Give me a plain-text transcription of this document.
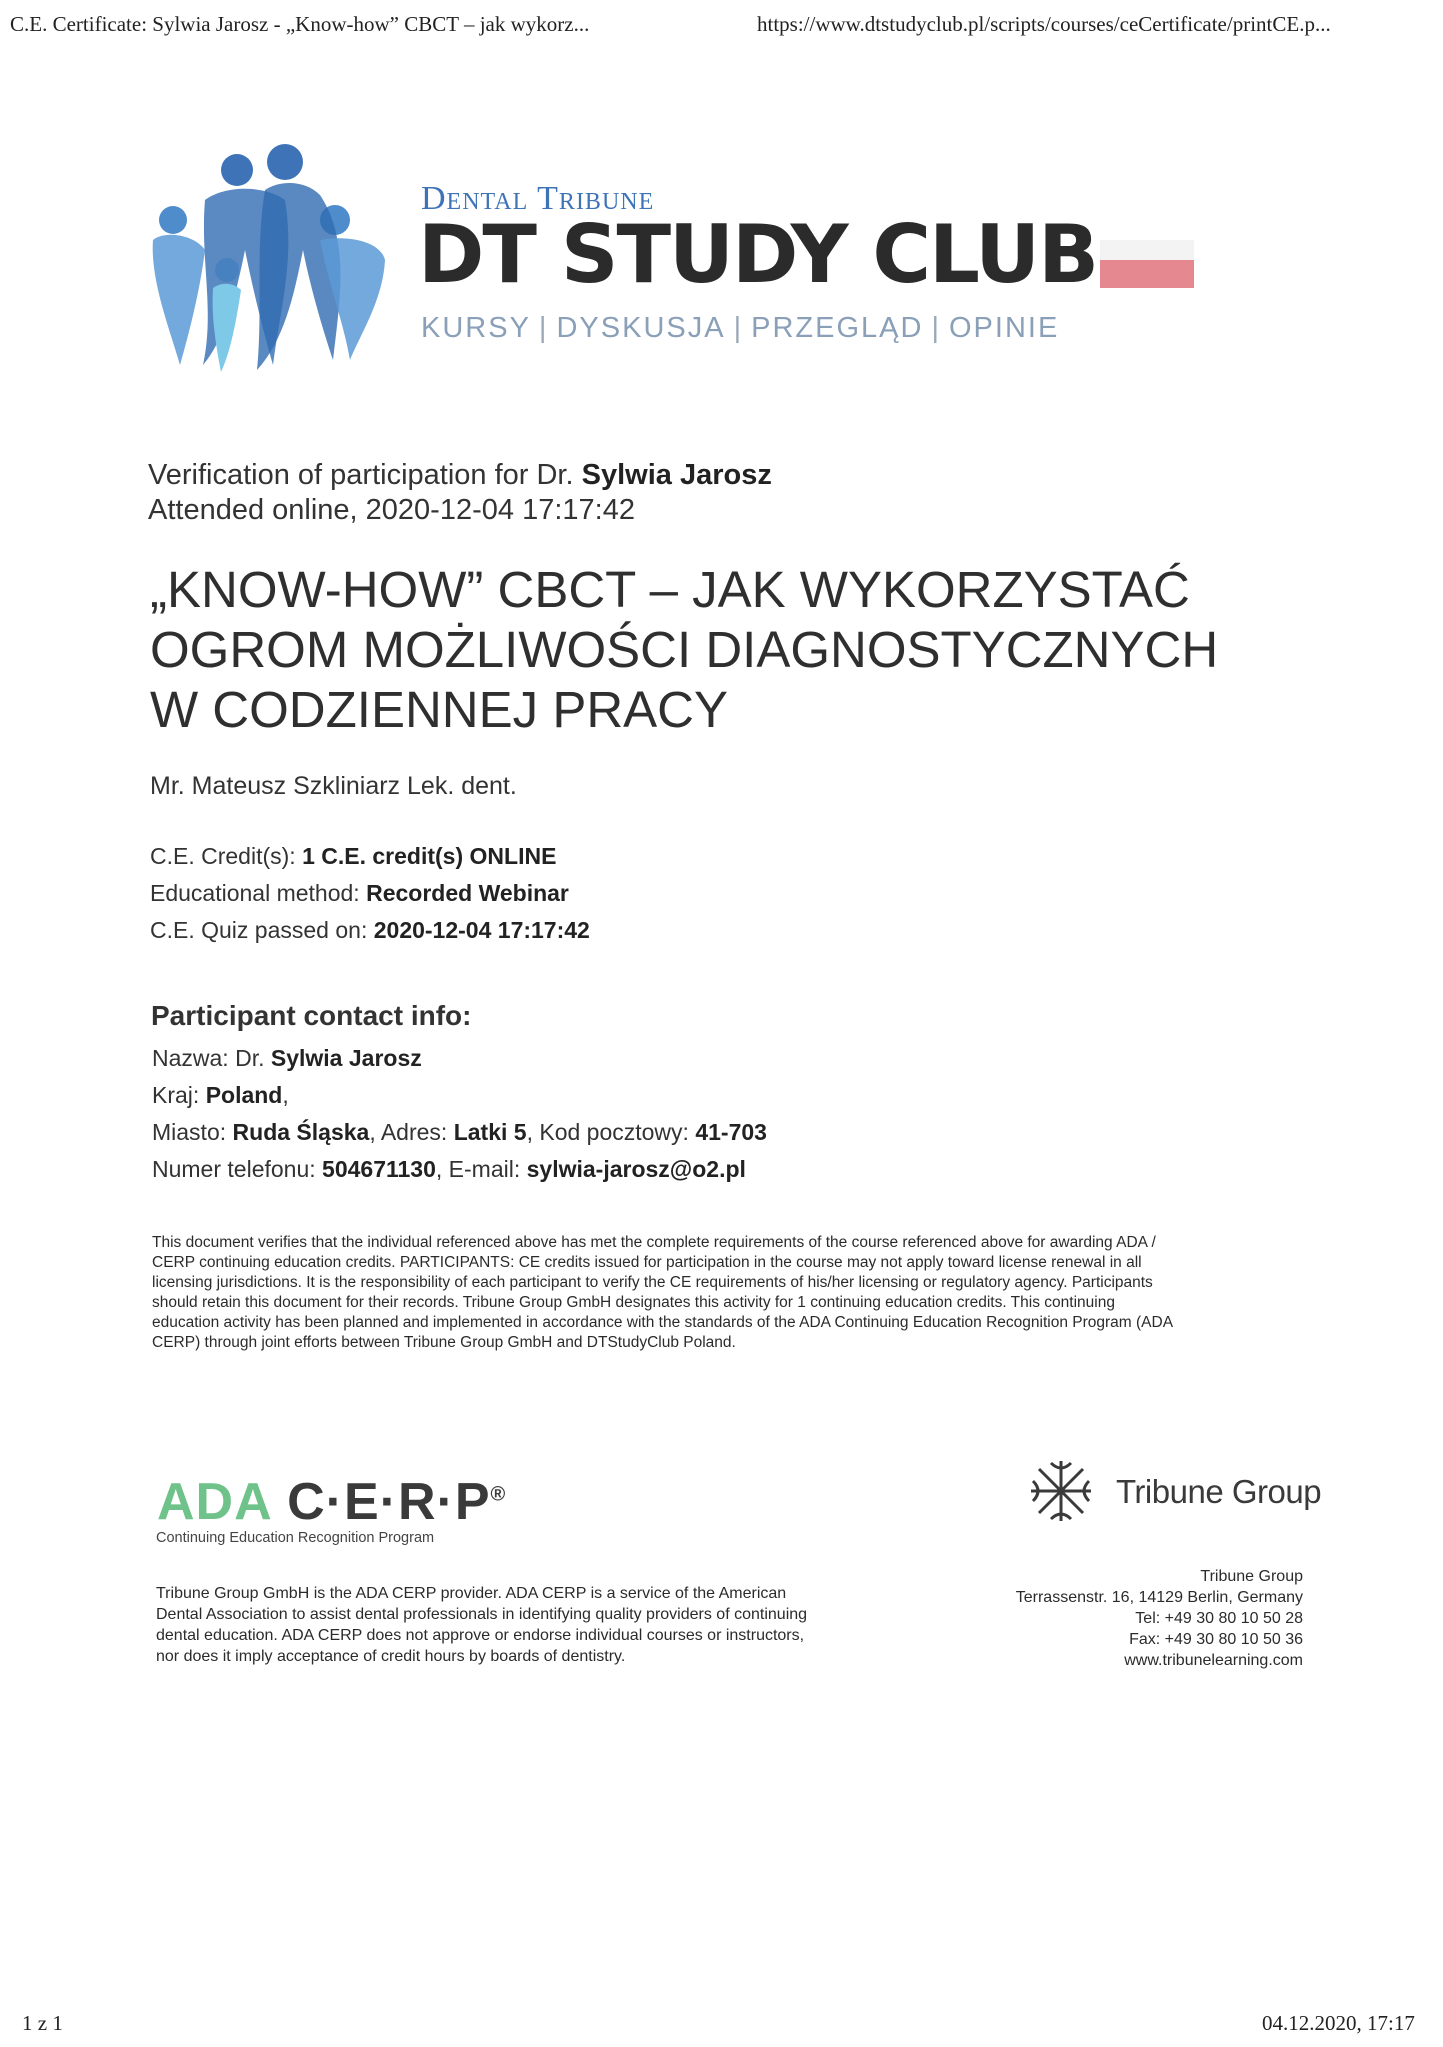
C.E. Certificate: Sylwia Jarosz - „Know-how” CBCT – jak wykorz...	https://www.dtstudyclub.pl/scripts/courses/ceCertificate/printCE.p...
Dental Tribune
DT STUDY CLUB
KURSY | DYSKUSJA | PRZEGLĄD | OPINIE
Verification of participation for Dr. Sylwia Jarosz
Attended online, 2020-12-04 17:17:42
„KNOW-HOW” CBCT – JAK WYKORZYSTAĆ
OGROM MOŻLIWOŚCI DIAGNOSTYCZNYCH
W CODZIENNEJ PRACY
Mr. Mateusz Szkliniarz Lek. dent.
C.E. Credit(s): 1 C.E. credit(s) ONLINE
Educational method: Recorded Webinar
C.E. Quiz passed on: 2020-12-04 17:17:42
Participant contact info:
Nazwa: Dr. Sylwia Jarosz
Kraj: Poland,
Miasto: Ruda Śląska, Adres: Latki 5, Kod pocztowy: 41-703
Numer telefonu: 504671130, E-mail: sylwia-jarosz@o2.pl
This document verifies that the individual referenced above has met the complete requirements of the course referenced above for awarding ADA /
CERP continuing education credits. PARTICIPANTS: CE credits issued for participation in the course may not apply toward license renewal in all
licensing jurisdictions. It is the responsibility of each participant to verify the CE requirements of his/her licensing or regulatory agency. Participants
should retain this document for their records. Tribune Group GmbH designates this activity for 1 continuing education credits. This continuing
education activity has been planned and implemented in accordance with the standards of the ADA Continuing Education Recognition Program (ADA
CERP) through joint efforts between Tribune Group GmbH and DTStudyClub Poland.
ADA C·E·R·P®
Continuing Education Recognition Program
Tribune Group GmbH is the ADA CERP provider. ADA CERP is a service of the American
Dental Association to assist dental professionals in identifying quality providers of continuing
dental education. ADA CERP does not approve or endorse individual courses or instructors,
nor does it imply acceptance of credit hours by boards of dentistry.
Tribune Group
Tribune Group
Terrassenstr. 16, 14129 Berlin, Germany
Tel: +49 30 80 10 50 28
Fax: +49 30 80 10 50 36
www.tribunelearning.com
1 z 1	04.12.2020, 17:17
